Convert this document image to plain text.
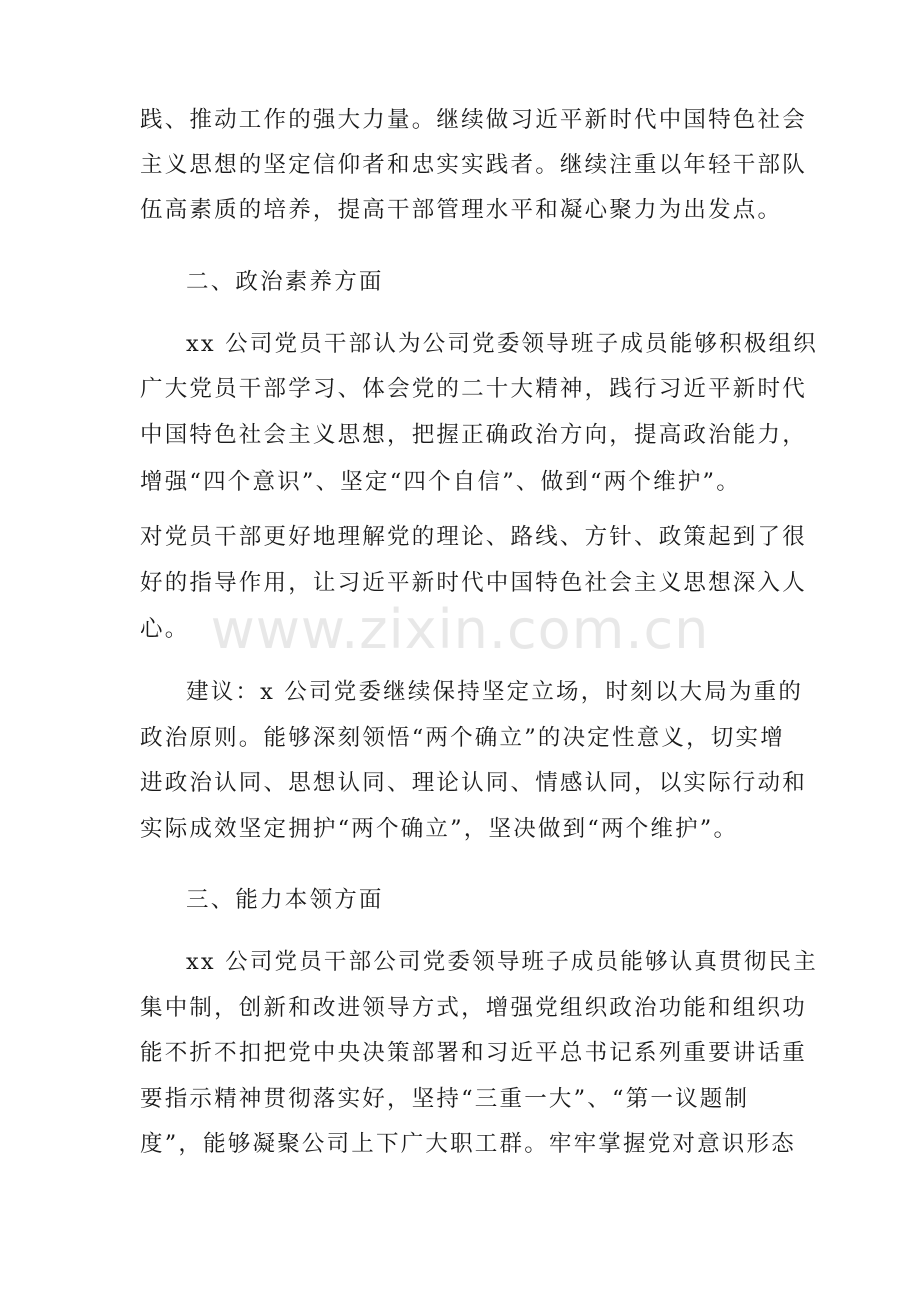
践、推动工作的强大力量。继续做习近平新时代中国特色社会
主义思想的坚定信仰者和忠实实践者。继续注重以年轻干部队
伍高素质的培养，提高干部管理水平和凝心聚力为出发点。
二、政治素养方面
xx 公司党员干部认为公司党委领导班子成员能够积极组织
广大党员干部学习、体会党的二十大精神，践行习近平新时代
中国特色社会主义思想，把握正确政治方向，提高政治能力，
增强“四个意识”、坚定“四个自信”、做到“两个维护”。
对党员干部更好地理解党的理论、路线、方针、政策起到了很
好的指导作用，让习近平新时代中国特色社会主义思想深入人
心。
建议：x 公司党委继续保持坚定立场，时刻以大局为重的
政治原则。能够深刻领悟“两个确立”的决定性意义，切实增
进政治认同、思想认同、理论认同、情感认同，以实际行动和
实际成效坚定拥护“两个确立”，坚决做到“两个维护”。
三、能力本领方面
xx 公司党员干部公司党委领导班子成员能够认真贯彻民主
集中制，创新和改进领导方式，增强党组织政治功能和组织功
能不折不扣把党中央决策部署和习近平总书记系列重要讲话重
要指示精神贯彻落实好，坚持“三重一大”、“第一议题制
度”，能够凝聚公司上下广大职工群。牢牢掌握党对意识形态
www.zixin.com.cn
